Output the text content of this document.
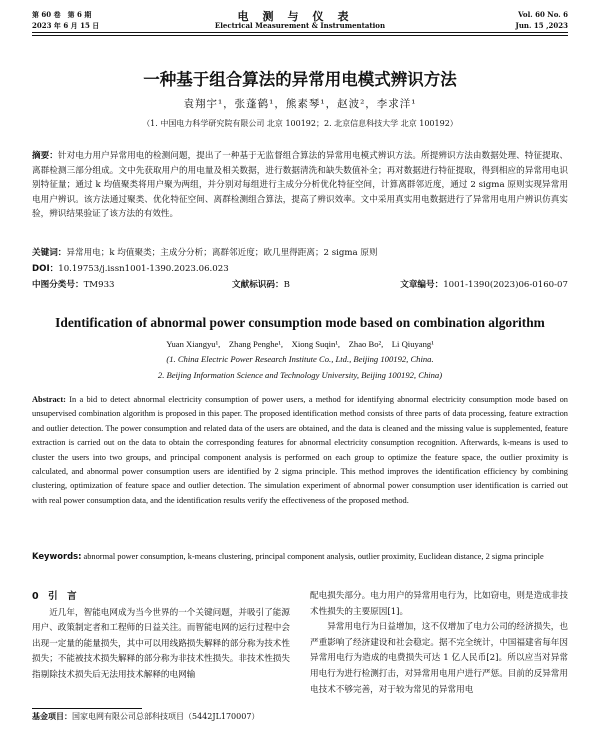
第 60 卷　第 6 期
2023 年 6 月 15 日
电测与仪表
Electrical Measurement & Instrumentation
Vol. 60 No. 6
Jun. 15 ,2023
一种基于组合算法的异常用电模式辨识方法
袁翔宇¹，张蓬鹤¹，熊素琴¹，赵波²，李求洋¹
（1. 中国电力科学研究院有限公司 北京 100192；2. 北京信息科技大学 北京 100192）
摘要：针对电力用户异常用电的检测问题，提出了一种基于无监督组合算法的异常用电模式辨识方法。所提辨识方法由数据处理、特征提取、离群检测三部分组成。文中先获取用户的用电量及相关数据，进行数据清洗和缺失数值补全；再对数据进行特征提取，得到相应的异常用电识别特征量；通过 k 均值聚类将用户聚为两组，并分别对每组进行主成分分析优化特征空间，计算离群邻近度，通过 2 sigma 原则实现异常用电用户辨识。该方法通过聚类、优化特征空间、离群检测组合算法，提高了辨识效率。文中采用真实用电数据进行了异常用电用户辨识仿真实验，辨识结果验证了该方法的有效性。
关键词：异常用电；k 均值聚类；主成分分析；离群邻近度；欧几里得距离；2 sigma 原则
DOI：10.19753/j.issn1001-1390.2023.06.023
中图分类号：TM933	文献标识码：B	文章编号：1001-1390(2023)06-0160-07
Identification of abnormal power consumption mode based on combination algorithm
Yuan Xiangyu¹,　Zhang Penghe¹,　Xiong Suqin¹,　Zhao Bo²,　Li Qiuyang¹
(1. China Electric Power Research Institute Co., Ltd., Beijing 100192, China.
2. Beijing Information Science and Technology University, Beijing 100192, China)
Abstract: In a bid to detect abnormal electricity consumption of power users, a method for identifying abnormal electricity consumption mode based on unsupervised combination algorithm is proposed in this paper. The proposed identification method consists of three parts of data processing, feature extraction and outlier detection. The power consumption and related data of the users are obtained, and the data is cleaned and the missing value is supplemented, feature extraction is carried out on the data to obtain the corresponding features for abnormal electricity consumption recognition. Afterwards, k-means is used to cluster the users into two groups, and principal component analysis is performed on each group to optimize the feature space, the outlier proximity is calculated, and abnormal power consumption users are identified by 2 sigma principle. This method improves the identification efficiency by combining clustering, optimization of feature space and outlier detection. The simulation experiment of abnormal power consumption user identification is carried out with real power consumption data, and the identification results verify the effectiveness of the proposed method.
Keywords: abnormal power consumption, k-means clustering, principal component analysis, outlier proximity, Euclidean distance, 2 sigma principle
0　 引　言

近几年，智能电网成为当今世界的一个关键问题，并吸引了能源用户、政策制定者和工程师的日益关注。而智能电网的运行过程中会出现一定量的能量损失，其中可以用线路损失解释的部分称为技术性损失；不能被技术损失解释的部分称为非技术性损失。非技术性损失指剔除技术损失后无法用技术解释的电网输

配电损失部分。电力用户的异常用电行为，比如窃电，则是造成非技术性损失的主要原因[1]。

异常用电行为日益增加，这不仅增加了电力公司的经济损失，也严重影响了经济建设和社会稳定。据不完全统计，中国福建省每年因异常用电行为造成的电费损失可达 1 亿人民币[2]。所以应当对异常用电行为进行检测打击，对异常用电用户进行严惩。目前的反异常用电技术不够完善，对于较为常见的异常用电

基金项目：国家电网有限公司总部科技项目（5442JL170007）
